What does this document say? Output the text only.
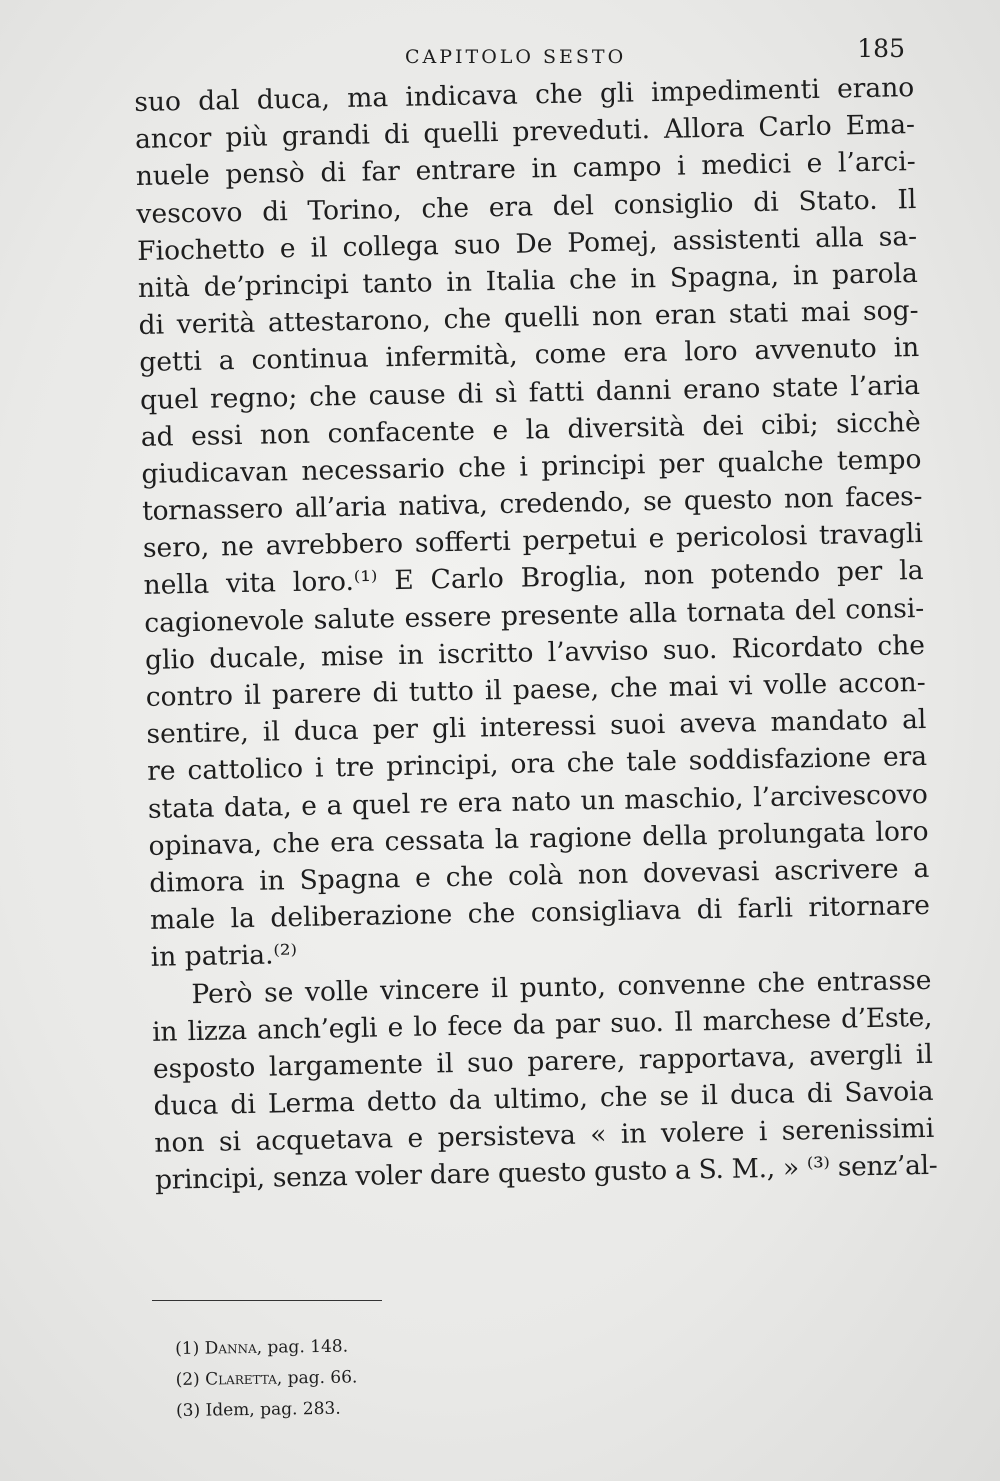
CAPITOLO SESTO	185
suo dal duca, ma indicava che gli impedimenti erano
ancor più grandi di quelli preveduti. Allora Carlo Ema-
nuele pensò di far entrare in campo i medici e l’arci-
vescovo di Torino, che era del consiglio di Stato. Il
Fiochetto e il collega suo De Pomej, assistenti alla sa-
nità de’principi tanto in Italia che in Spagna, in parola
di verità attestarono, che quelli non eran stati mai sog-
getti a continua infermità, come era loro avvenuto in
quel regno; che cause di sì fatti danni erano state l’aria
ad essi non confacente e la diversità dei cibi; sicchè
giudicavan necessario che i principi per qualche tempo
tornassero all’aria nativa, credendo, se questo non faces-
sero, ne avrebbero sofferti perpetui e pericolosi travagli
nella vita loro.⁽¹⁾ E Carlo Broglia, non potendo per la
cagionevole salute essere presente alla tornata del consi-
glio ducale, mise in iscritto l’avviso suo. Ricordato che
contro il parere di tutto il paese, che mai vi volle accon-
sentire, il duca per gli interessi suoi aveva mandato al
re cattolico i tre principi, ora che tale soddisfazione era
stata data, e a quel re era nato un maschio, l’arcivescovo
opinava, che era cessata la ragione della prolungata loro
dimora in Spagna e che colà non dovevasi ascrivere a
male la deliberazione che consigliava di farli ritornare
in patria.⁽²⁾
Però se volle vincere il punto, convenne che entrasse
in lizza anch’egli e lo fece da par suo. Il marchese d’Este,
esposto largamente il suo parere, rapportava, avergli il
duca di Lerma detto da ultimo, che se il duca di Savoia
non si acquetava e persisteva « in volere i serenissimi
principi, senza voler dare questo gusto a S. M., » ⁽³⁾ senz’al-
(1) Danna, pag. 148.
(2) Claretta, pag. 66.
(3) Idem, pag. 283.
